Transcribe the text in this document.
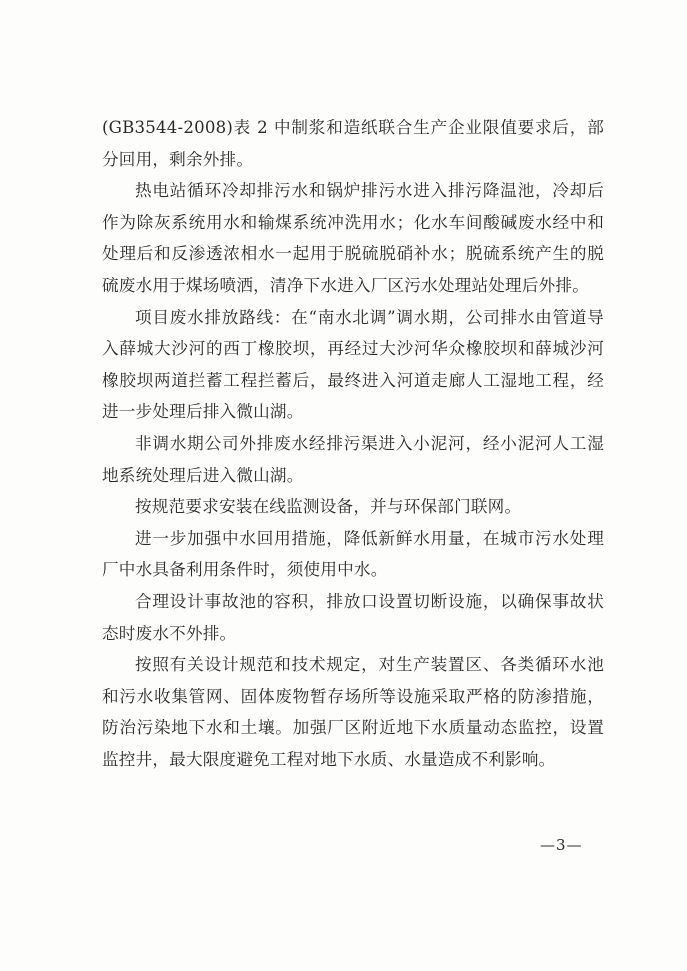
(GB3544-2008)表 2 中制浆和造纸联合生产企业限值要求后，部分回用，剩余外排。

热电站循环冷却排污水和锅炉排污水进入排污降温池，冷却后作为除灰系统用水和输煤系统冲洗用水；化水车间酸碱废水经中和处理后和反渗透浓相水一起用于脱硫脱硝补水；脱硫系统产生的脱硫废水用于煤场喷洒，清净下水进入厂区污水处理站处理后外排。

项目废水排放路线：在“南水北调”调水期，公司排水由管道导入薛城大沙河的西丁橡胶坝，再经过大沙河华众橡胶坝和薛城沙河橡胶坝两道拦蓄工程拦蓄后，最终进入河道走廊人工湿地工程，经进一步处理后排入微山湖。

非调水期公司外排废水经排污渠进入小泥河，经小泥河人工湿地系统处理后进入微山湖。

按规范要求安装在线监测设备，并与环保部门联网。

进一步加强中水回用措施，降低新鲜水用量，在城市污水处理厂中水具备利用条件时，须使用中水。

合理设计事故池的容积，排放口设置切断设施，以确保事故状态时废水不外排。

按照有关设计规范和技术规定，对生产装置区、各类循环水池和污水收集管网、固体废物暂存场所等设施采取严格的防渗措施，防治污染地下水和土壤。加强厂区附近地下水质量动态监控，设置监控井，最大限度避免工程对地下水质、水量造成不利影响。

—3—
